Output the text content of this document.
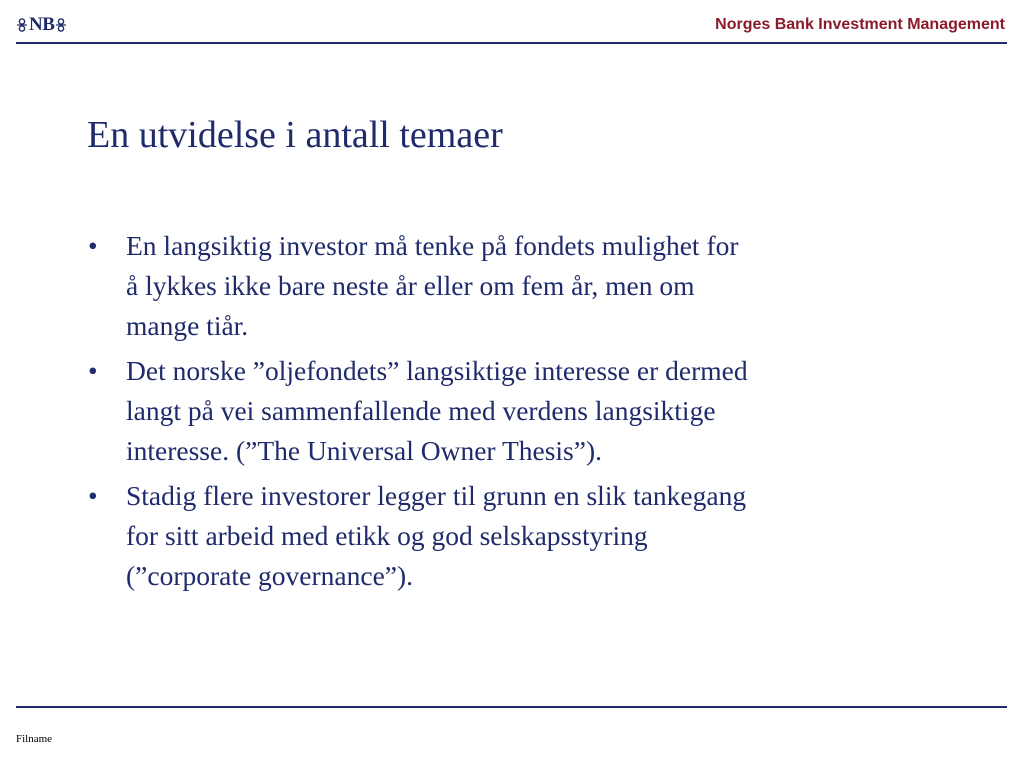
NB	Norges Bank Investment Management
En utvidelse i antall temaer
•	En langsiktig investor må tenke på fondets mulighet for
å lykkes ikke bare neste år eller om fem år, men om
mange tiår.
•	Det norske ”oljefondets” langsiktige interesse er dermed
langt på vei sammenfallende med verdens langsiktige
interesse. (”The Universal Owner Thesis”).
•	Stadig flere investorer legger til grunn en slik tankegang
for sitt arbeid med etikk og god selskapsstyring
(”corporate governance”).
Filname
